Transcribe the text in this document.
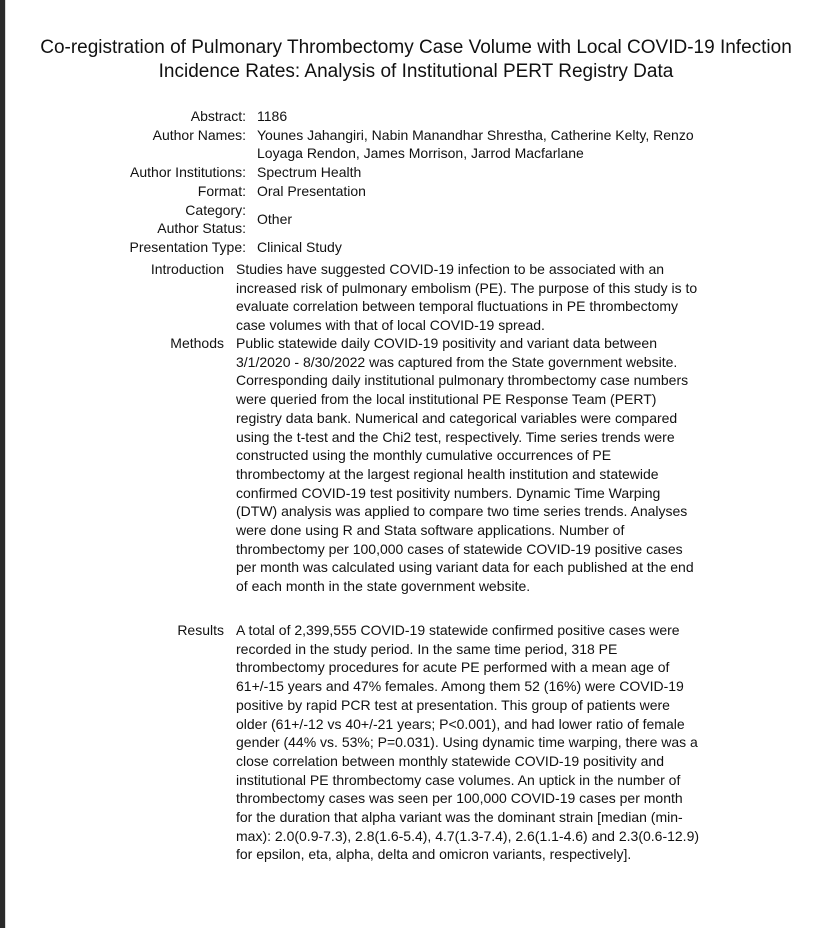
Co-registration of Pulmonary Thrombectomy Case Volume with Local COVID-19 Infection Incidence Rates: Analysis of Institutional PERT Registry Data
Abstract: 1186
Author Names: Younes Jahangiri, Nabin Manandhar Shrestha, Catherine Kelty, Renzo Loyaga Rendon, James Morrison, Jarrod Macfarlane
Author Institutions: Spectrum Health
Format: Oral Presentation
Category:
Other
Author Status:
Presentation Type: Clinical Study
Introduction Studies have suggested COVID-19 infection to be associated with an increased risk of pulmonary embolism (PE). The purpose of this study is to evaluate correlation between temporal fluctuations in PE thrombectomy case volumes with that of local COVID-19 spread.
Methods Public statewide daily COVID-19 positivity and variant data between 3/1/2020 - 8/30/2022 was captured from the State government website. Corresponding daily institutional pulmonary thrombectomy case numbers were queried from the local institutional PE Response Team (PERT) registry data bank. Numerical and categorical variables were compared using the t-test and the Chi2 test, respectively. Time series trends were constructed using the monthly cumulative occurrences of PE thrombectomy at the largest regional health institution and statewide confirmed COVID-19 test positivity numbers. Dynamic Time Warping (DTW) analysis was applied to compare two time series trends. Analyses were done using R and Stata software applications. Number of thrombectomy per 100,000 cases of statewide COVID-19 positive cases per month was calculated using variant data for each published at the end of each month in the state government website.
Results A total of 2,399,555 COVID-19 statewide confirmed positive cases were recorded in the study period. In the same time period, 318 PE thrombectomy procedures for acute PE performed with a mean age of 61+/-15 years and 47% females. Among them 52 (16%) were COVID-19 positive by rapid PCR test at presentation. This group of patients were older (61+/-12 vs 40+/-21 years; P<0.001), and had lower ratio of female gender (44% vs. 53%; P=0.031). Using dynamic time warping, there was a close correlation between monthly statewide COVID-19 positivity and institutional PE thrombectomy case volumes. An uptick in the number of thrombectomy cases was seen per 100,000 COVID-19 cases per month for the duration that alpha variant was the dominant strain [median (min-max): 2.0(0.9-7.3), 2.8(1.6-5.4), 4.7(1.3-7.4), 2.6(1.1-4.6) and 2.3(0.6-12.9) for epsilon, eta, alpha, delta and omicron variants, respectively].
